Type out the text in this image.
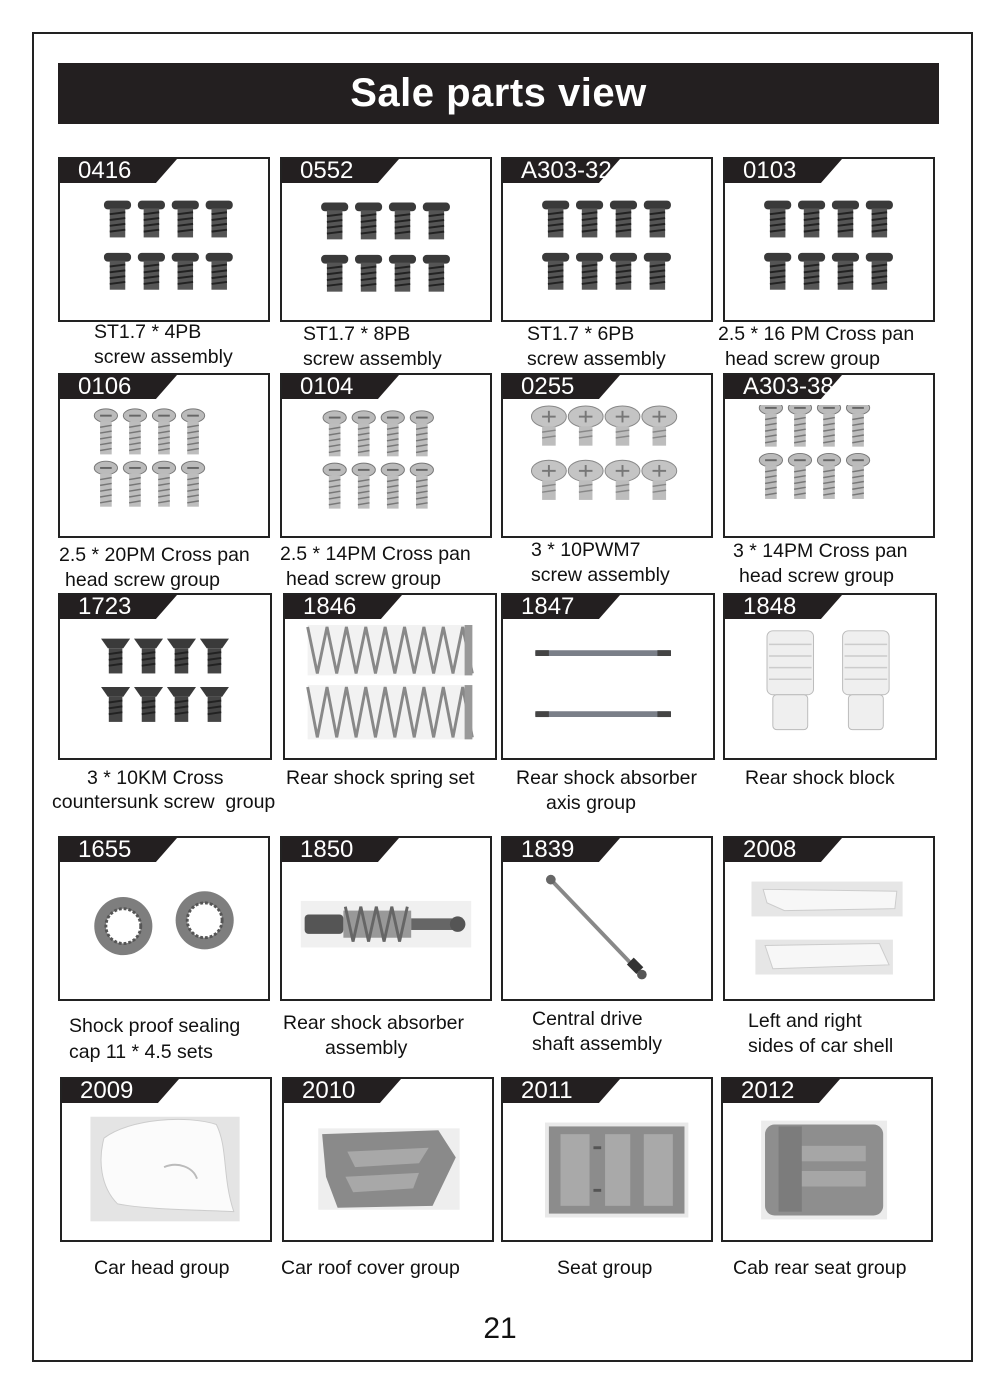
Sale parts view
0416
ST1.7 * 4PB
screw assembly
0552
ST1.7 * 8PB
screw assembly
A303-32
ST1.7 * 6PB
screw assembly
0103
2.5 * 16 PM Cross pan
head screw group
0106
2.5 * 20PM Cross pan
head screw group
0104
2.5 * 14PM Cross pan
head screw group
0255
3 * 10PWM7
screw assembly
A303-38
3 * 14PM Cross pan
head screw group
1723
3 * 10KM Cross
countersunk screw  group
1846
Rear shock spring set
1847
Rear shock absorber
axis group
1848
Rear shock block
1655
Shock proof sealing
cap 11 * 4.5 sets
1850
Rear shock absorber
assembly
1839
Central drive
shaft assembly
2008
Left and right
sides of car shell
2009
Car head group
2010
Car roof cover group
2011
Seat group
2012
Cab rear seat group
21
